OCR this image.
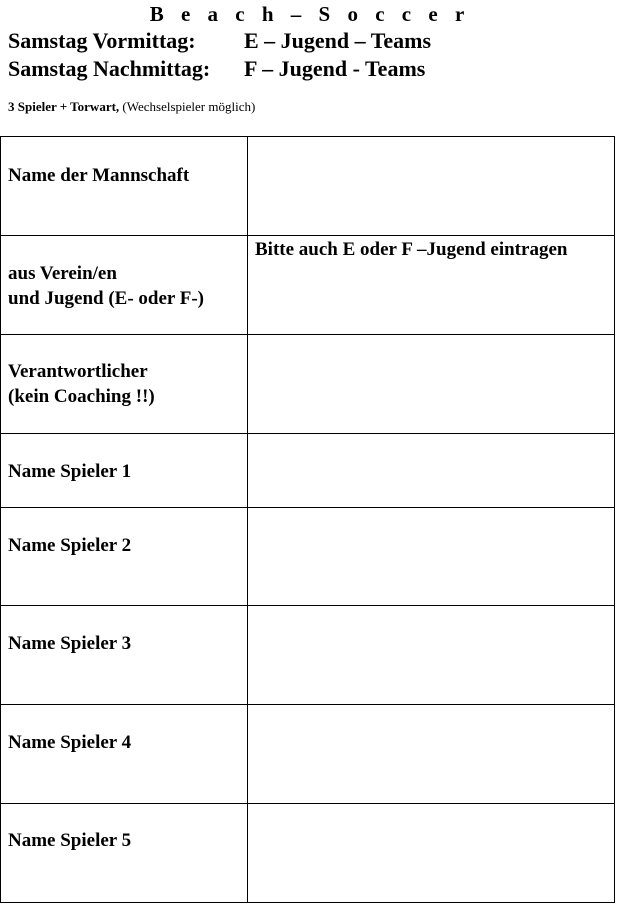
B e a c h – S o c c e r
Samstag Vormittag: E – Jugend – Teams
Samstag Nachmittag: F – Jugend - Teams
3 Spieler + Torwart, (Wechselspieler möglich)
Name der Mannschaft	

aus Verein/en
und Jugend (E- oder F-)	Bitte auch E oder F –Jugend eintragen

Verantwortlicher
(kein Coaching !!)	

Name Spieler 1	

Name Spieler 2	

Name Spieler 3	

Name Spieler 4	

Name Spieler 5	
